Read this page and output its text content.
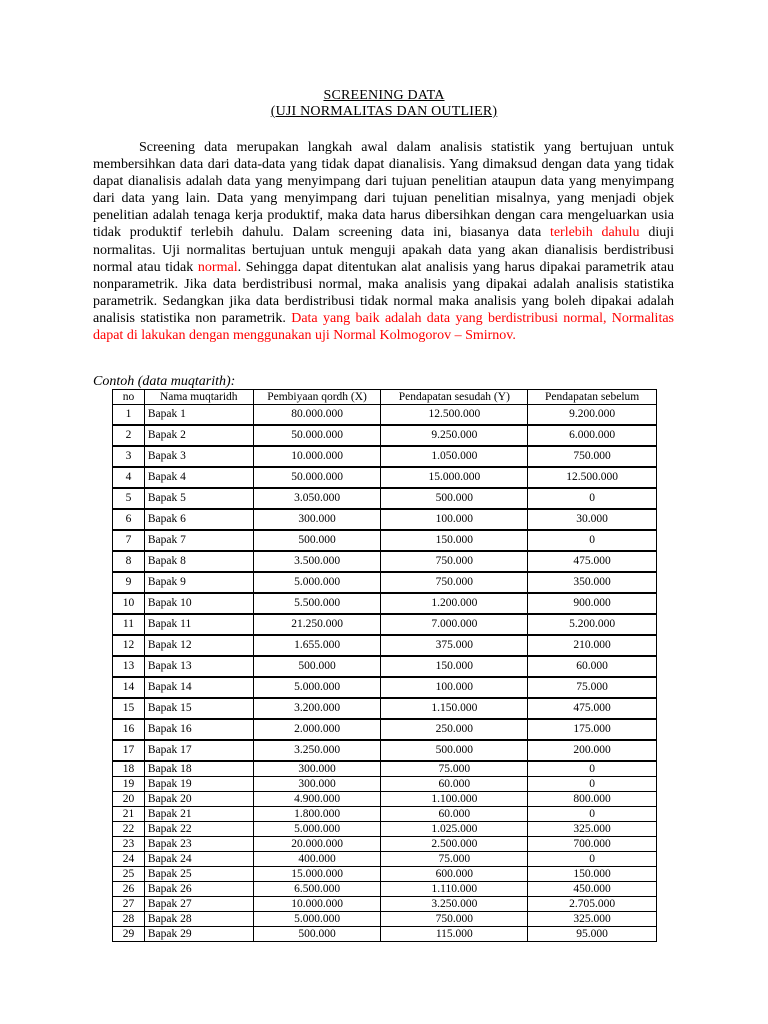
SCREENING DATA
(UJI NORMALITAS DAN OUTLIER)

Screening data merupakan langkah awal dalam analisis statistik yang bertujuan untuk membersihkan data dari data-data yang tidak dapat dianalisis. Yang dimaksud dengan data yang tidak dapat dianalisis adalah data yang menyimpang dari tujuan penelitian ataupun data yang menyimpang dari data yang lain. Data yang menyimpang dari tujuan penelitian misalnya, yang menjadi objek penelitian adalah tenaga kerja produktif, maka data harus dibersihkan dengan cara mengeluarkan usia tidak produktif terlebih dahulu. Dalam screening data ini, biasanya data terlebih dahulu diuji normalitas. Uji normalitas bertujuan untuk menguji apakah data yang akan dianalisis berdistribusi normal atau tidak normal. Sehingga dapat ditentukan alat analisis yang harus dipakai parametrik atau nonparametrik. Jika data berdistribusi normal, maka analisis yang dipakai adalah analisis statistika parametrik. Sedangkan jika data berdistribusi tidak normal maka analisis yang boleh dipakai adalah analisis statistika non parametrik. Data yang baik adalah data yang berdistribusi normal, Normalitas dapat di lakukan dengan menggunakan uji Normal Kolmogorov – Smirnov.

Contoh (data muqtarith):
no	Nama muqtaridh	Pembiyaan qordh (X)	Pendapatan sesudah (Y)	Pendapatan sebelum
1	Bapak 1	80.000.000	12.500.000	9.200.000
2	Bapak 2	50.000.000	9.250.000	6.000.000
3	Bapak 3	10.000.000	1.050.000	750.000
4	Bapak 4	50.000.000	15.000.000	12.500.000
5	Bapak 5	3.050.000	500.000	0
6	Bapak 6	300.000	100.000	30.000
7	Bapak 7	500.000	150.000	0
8	Bapak 8	3.500.000	750.000	475.000
9	Bapak 9	5.000.000	750.000	350.000
10	Bapak 10	5.500.000	1.200.000	900.000
11	Bapak 11	21.250.000	7.000.000	5.200.000
12	Bapak 12	1.655.000	375.000	210.000
13	Bapak 13	500.000	150.000	60.000
14	Bapak 14	5.000.000	100.000	75.000
15	Bapak 15	3.200.000	1.150.000	475.000
16	Bapak 16	2.000.000	250.000	175.000
17	Bapak 17	3.250.000	500.000	200.000
18	Bapak 18	300.000	75.000	0
19	Bapak 19	300.000	60.000	0
20	Bapak 20	4.900.000	1.100.000	800.000
21	Bapak 21	1.800.000	60.000	0
22	Bapak 22	5.000.000	1.025.000	325.000
23	Bapak 23	20.000.000	2.500.000	700.000
24	Bapak 24	400.000	75.000	0
25	Bapak 25	15.000.000	600.000	150.000
26	Bapak 26	6.500.000	1.110.000	450.000
27	Bapak 27	10.000.000	3.250.000	2.705.000
28	Bapak 28	5.000.000	750.000	325.000
29	Bapak 29	500.000	115.000	95.000
